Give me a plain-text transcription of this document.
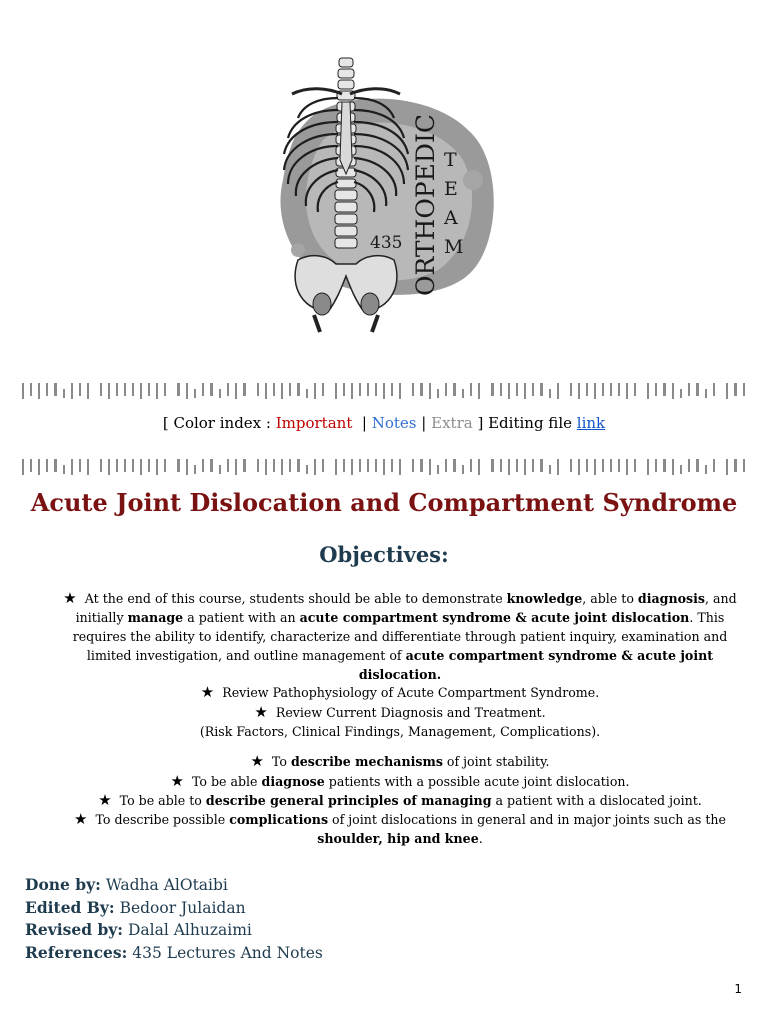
435 ORTHOPEDIC T
E
A
M
[ Color index : Important | Notes | Extra ] Editing file link
Acute Joint Dislocation and Compartment Syndrome
Objectives:

★ At the end of this course, students should be able to demonstrate knowledge, able to diagnosis, and initially manage a patient with an acute compartment syndrome & acute joint dislocation. This requires the ability to identify, characterize and differentiate through patient inquiry, examination and limited investigation, and outline management of acute compartment syndrome & acute joint dislocation.

★ Review Pathophysiology of Acute Compartment Syndrome.

★ Review Current Diagnosis and Treatment.
(Risk Factors, Clinical Findings, Management, Complications).

★ To describe mechanisms of joint stability.

★ To be able diagnose patients with a possible acute joint dislocation.

★ To be able to describe general principles of managing a patient with a dislocated joint.

★ To describe possible complications of joint dislocations in general and in major joints such as the shoulder, hip and knee.

Done by: Wadha AlOtaibi
Edited By: Bedoor Julaidan
Revised by: Dalal Alhuzaimi
References: 435 Lectures And Notes
1
